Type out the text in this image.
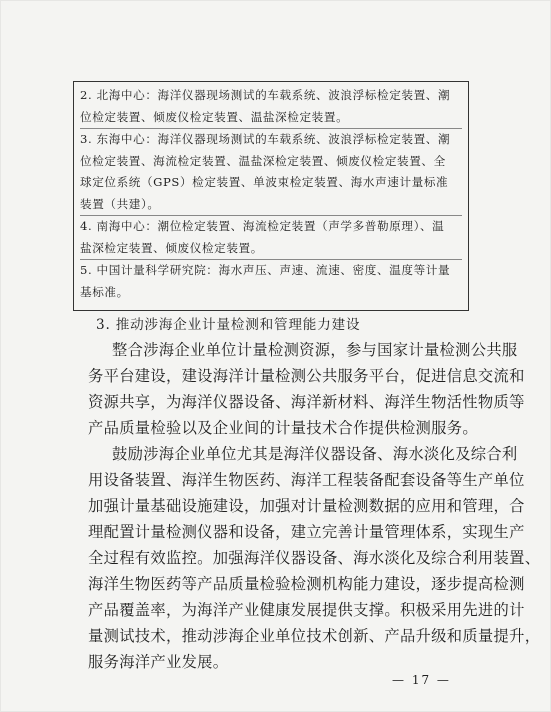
2. 北海中心：海洋仪器现场测试的车载系统、波浪浮标检定装置、潮

位检定装置、倾废仪检定装置、温盐深检定装置。

3. 东海中心：海洋仪器现场测试的车载系统、波浪浮标检定装置、潮

位检定装置、海流检定装置、温盐深检定装置、倾废仪检定装置、全

球定位系统（GPS）检定装置、单波束检定装置、海水声速计量标准

装置（共建）。

4. 南海中心：潮位检定装置、海流检定装置（声学多普勒原理）、温

盐深检定装置、倾废仪检定装置。

5. 中国计量科学研究院：海水声压、声速、流速、密度、温度等计量

基标准。

3. 推动涉海企业计量检测和管理能力建设

整合涉海企业单位计量检测资源，参与国家计量检测公共服
务平台建设，建设海洋计量检测公共服务平台，促进信息交流和
资源共享，为海洋仪器设备、海洋新材料、海洋生物活性物质等
产品质量检验以及企业间的计量技术合作提供检测服务。
鼓励涉海企业单位尤其是海洋仪器设备、海水淡化及综合利
用设备装置、海洋生物医药、海洋工程装备配套设备等生产单位
加强计量基础设施建设，加强对计量检测数据的应用和管理，合
理配置计量检测仪器和设备，建立完善计量管理体系，实现生产
全过程有效监控。加强海洋仪器设备、海水淡化及综合利用装置、
海洋生物医药等产品质量检验检测机构能力建设，逐步提高检测
产品覆盖率，为海洋产业健康发展提供支撑。积极采用先进的计
量测试技术，推动涉海企业单位技术创新、产品升级和质量提升，
服务海洋产业发展。
— 17 —
